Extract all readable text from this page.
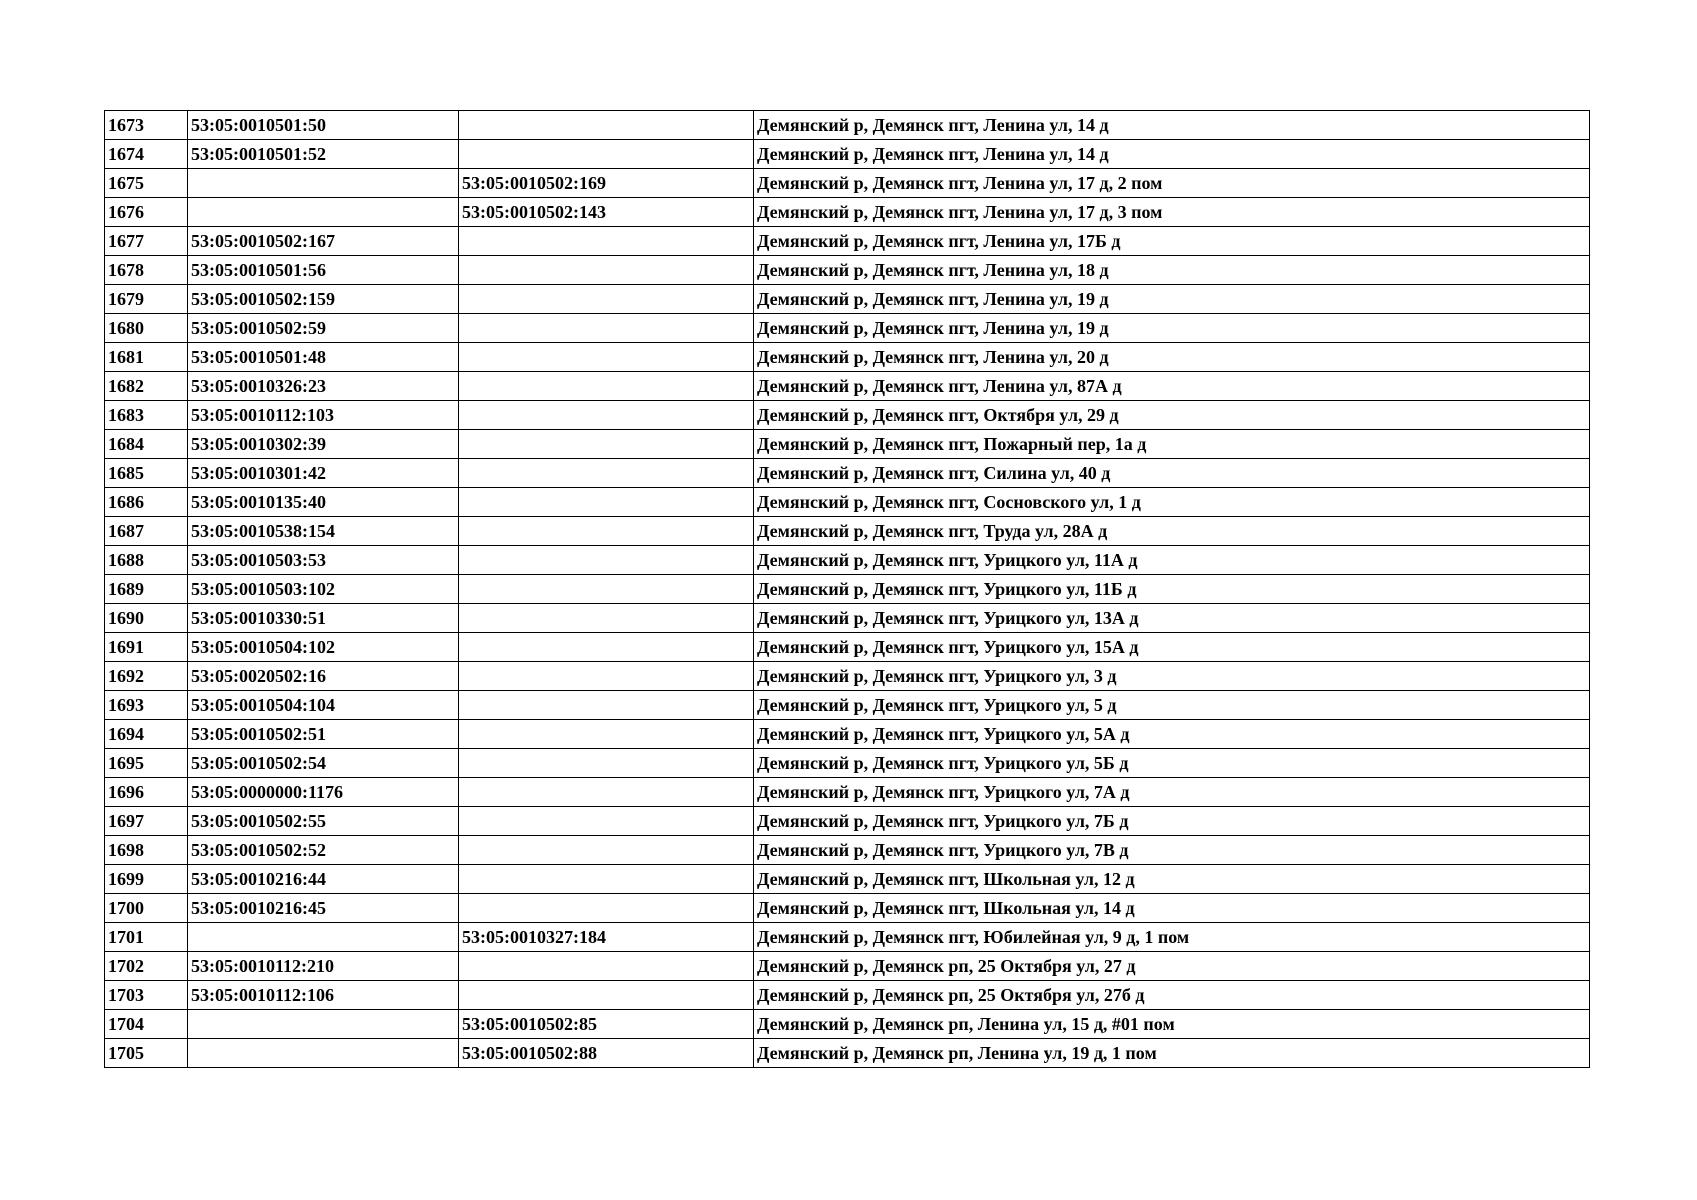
1673	53:05:0010501:50		Демянский р, Демянск пгт, Ленина ул, 14 д
1674	53:05:0010501:52		Демянский р, Демянск пгт, Ленина ул, 14 д
1675		53:05:0010502:169	Демянский р, Демянск пгт, Ленина ул, 17 д, 2 пом
1676		53:05:0010502:143	Демянский р, Демянск пгт, Ленина ул, 17 д, 3 пом
1677	53:05:0010502:167		Демянский р, Демянск пгт, Ленина ул, 17Б д
1678	53:05:0010501:56		Демянский р, Демянск пгт, Ленина ул, 18 д
1679	53:05:0010502:159		Демянский р, Демянск пгт, Ленина ул, 19 д
1680	53:05:0010502:59		Демянский р, Демянск пгт, Ленина ул, 19 д
1681	53:05:0010501:48		Демянский р, Демянск пгт, Ленина ул, 20 д
1682	53:05:0010326:23		Демянский р, Демянск пгт, Ленина ул, 87А д
1683	53:05:0010112:103		Демянский р, Демянск пгт, Октября ул, 29 д
1684	53:05:0010302:39		Демянский р, Демянск пгт, Пожарный пер, 1а д
1685	53:05:0010301:42		Демянский р, Демянск пгт, Силина ул, 40 д
1686	53:05:0010135:40		Демянский р, Демянск пгт, Сосновского ул, 1 д
1687	53:05:0010538:154		Демянский р, Демянск пгт, Труда ул, 28А д
1688	53:05:0010503:53		Демянский р, Демянск пгт, Урицкого ул, 11А д
1689	53:05:0010503:102		Демянский р, Демянск пгт, Урицкого ул, 11Б д
1690	53:05:0010330:51		Демянский р, Демянск пгт, Урицкого ул, 13А д
1691	53:05:0010504:102		Демянский р, Демянск пгт, Урицкого ул, 15А д
1692	53:05:0020502:16		Демянский р, Демянск пгт, Урицкого ул, 3 д
1693	53:05:0010504:104		Демянский р, Демянск пгт, Урицкого ул, 5 д
1694	53:05:0010502:51		Демянский р, Демянск пгт, Урицкого ул, 5А д
1695	53:05:0010502:54		Демянский р, Демянск пгт, Урицкого ул, 5Б д
1696	53:05:0000000:1176		Демянский р, Демянск пгт, Урицкого ул, 7А д
1697	53:05:0010502:55		Демянский р, Демянск пгт, Урицкого ул, 7Б д
1698	53:05:0010502:52		Демянский р, Демянск пгт, Урицкого ул, 7В д
1699	53:05:0010216:44		Демянский р, Демянск пгт, Школьная ул, 12 д
1700	53:05:0010216:45		Демянский р, Демянск пгт, Школьная ул, 14 д
1701		53:05:0010327:184	Демянский р, Демянск пгт, Юбилейная ул, 9 д, 1 пом
1702	53:05:0010112:210		Демянский р, Демянск рп, 25 Октября ул, 27 д
1703	53:05:0010112:106		Демянский р, Демянск рп, 25 Октября ул, 27б д
1704		53:05:0010502:85	Демянский р, Демянск рп, Ленина ул, 15 д, #01 пом
1705		53:05:0010502:88	Демянский р, Демянск рп, Ленина ул, 19 д, 1 пом
